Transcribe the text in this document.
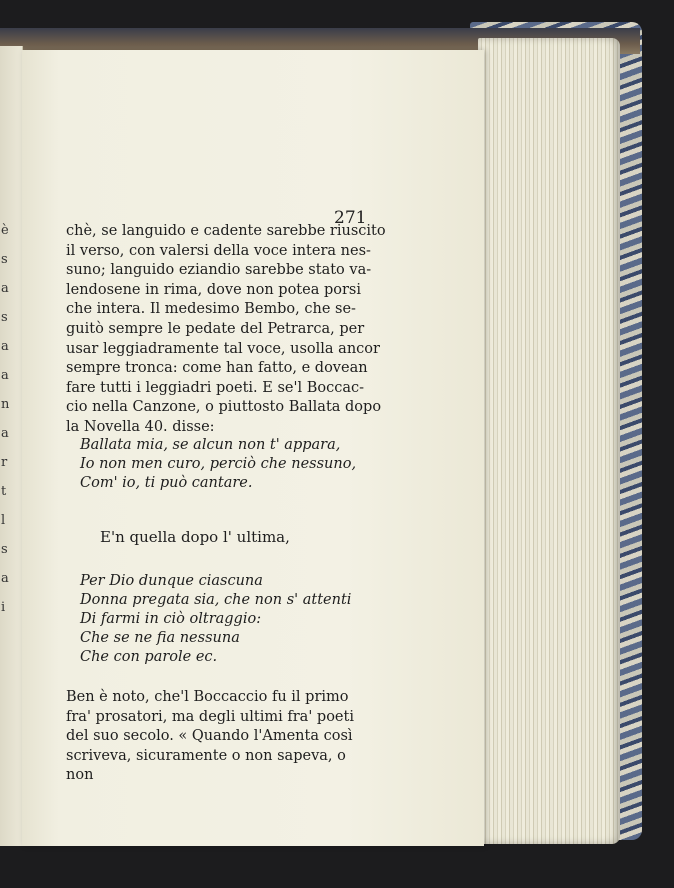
è
s
a
s
a
a
n
a
r
t
l
s
a
i

271

chè, se languido e cadente sarebbe riuscito

il verso, con valersi della voce intera nes-

suno; languido eziandio sarebbe stato va-

lendosene in rima, dove non potea porsi

che intera. Il medesimo Bembo, che se-

guitò sempre le pedate del Petrarca, per

usar leggiadramente tal voce, usolla ancor

sempre tronca: come han fatto, e dovean

fare tutti i leggiadri poeti. E se'l Boccac-

cio nella Canzone, o piuttosto Ballata dopo

la Novella 40. disse:

Ballata mia, se alcun non t' appara,
Io non men curo, perciò che nessuno,
Com' io, ti può cantare.

E'n quella dopo l' ultima,

Per Dio dunque ciascuna
Donna pregata sia, che non s' attenti
Di farmi in ciò oltraggio:
Che se ne fia nessuna
Che con parole ec.

Ben è noto, che'l Boccaccio fu il primo
fra' prosatori, ma degli ultimi fra' poeti
del suo secolo. « Quando l'Amenta così
scriveva, sicuramente o non sapeva, o non
